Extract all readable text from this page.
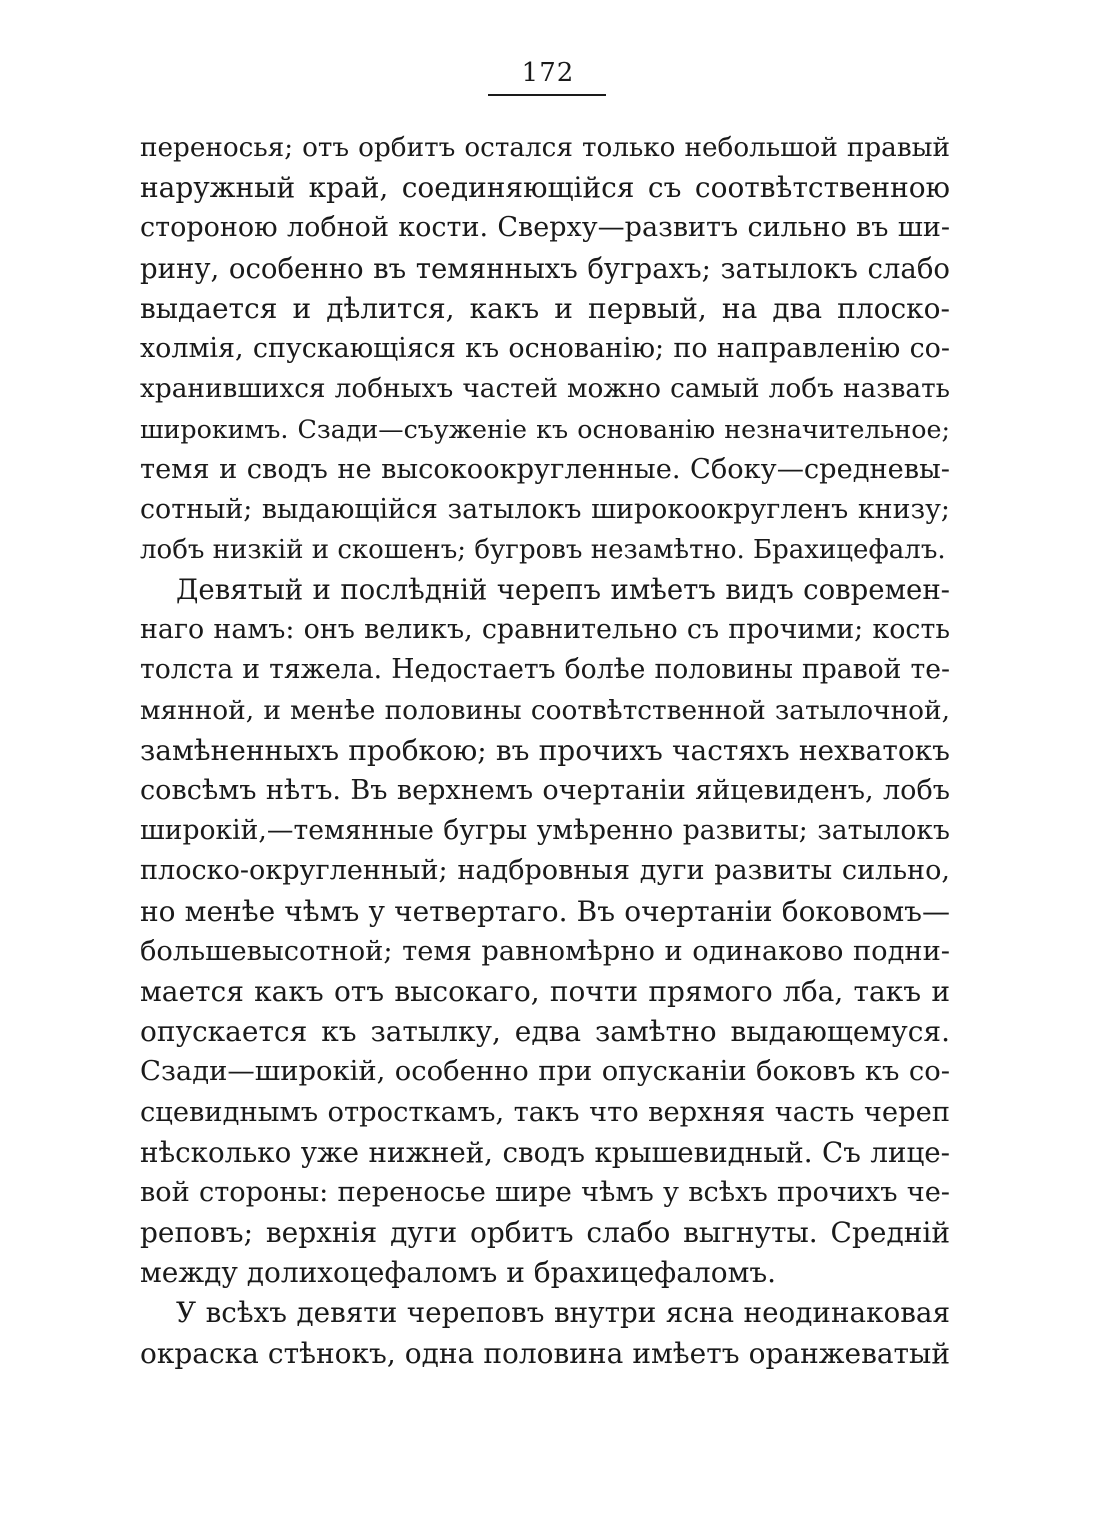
172
переносья; отъ орбитъ остался только небольшой правый
наружный край, соединяющійся съ соотвѣтственною
стороною лобной кости. Сверху—развитъ сильно въ ши-
рину, особенно въ темянныхъ буграхъ; затылокъ слабо
выдается и дѣлится, какъ и первый, на два плоско-
холмія, спускающіяся къ основанію; по направленію со-
хранившихся лобныхъ частей можно самый лобъ назвать
широкимъ. Сзади—съуженіе къ основанію незначительное;
темя и сводъ не высокоокругленные. Сбоку—средневы-
сотный; выдающійся затылокъ широкоокругленъ книзу;
лобъ низкій и скошенъ; бугровъ незамѣтно. Брахицефалъ.
Девятый и послѣдній черепъ имѣетъ видъ современ-
наго намъ: онъ великъ, сравнительно съ прочими; кость
толста и тяжела. Недостаетъ болѣе половины правой те-
мянной, и менѣе половины соотвѣтственной затылочной,
замѣненныхъ пробкою; въ прочихъ частяхъ нехватокъ
совсѣмъ нѣтъ. Въ верхнемъ очертаніи яйцевиденъ, лобъ
широкій,—темянные бугры умѣренно развиты; затылокъ
плоско-округленный; надбровныя дуги развиты сильно,
но менѣе чѣмъ у четвертаго. Въ очертаніи боковомъ—
большевысотной; темя равномѣрно и одинаково подни-
мается какъ отъ высокаго, почти прямого лба, такъ и
опускается къ затылку, едва замѣтно выдающемуся.
Сзади—широкій, особенно при опусканіи боковъ къ со-
сцевиднымъ отросткамъ, такъ что верхняя часть череп
нѣсколько уже нижней, сводъ крышевидный. Съ лице-
вой стороны: переносье шире чѣмъ у всѣхъ прочихъ че-
реповъ; верхнія дуги орбитъ слабо выгнуты. Средній
между долихоцефаломъ и брахицефаломъ.
У всѣхъ девяти череповъ внутри ясна неодинаковая
окраска стѣнокъ, одна половина имѣетъ оранжеватый
